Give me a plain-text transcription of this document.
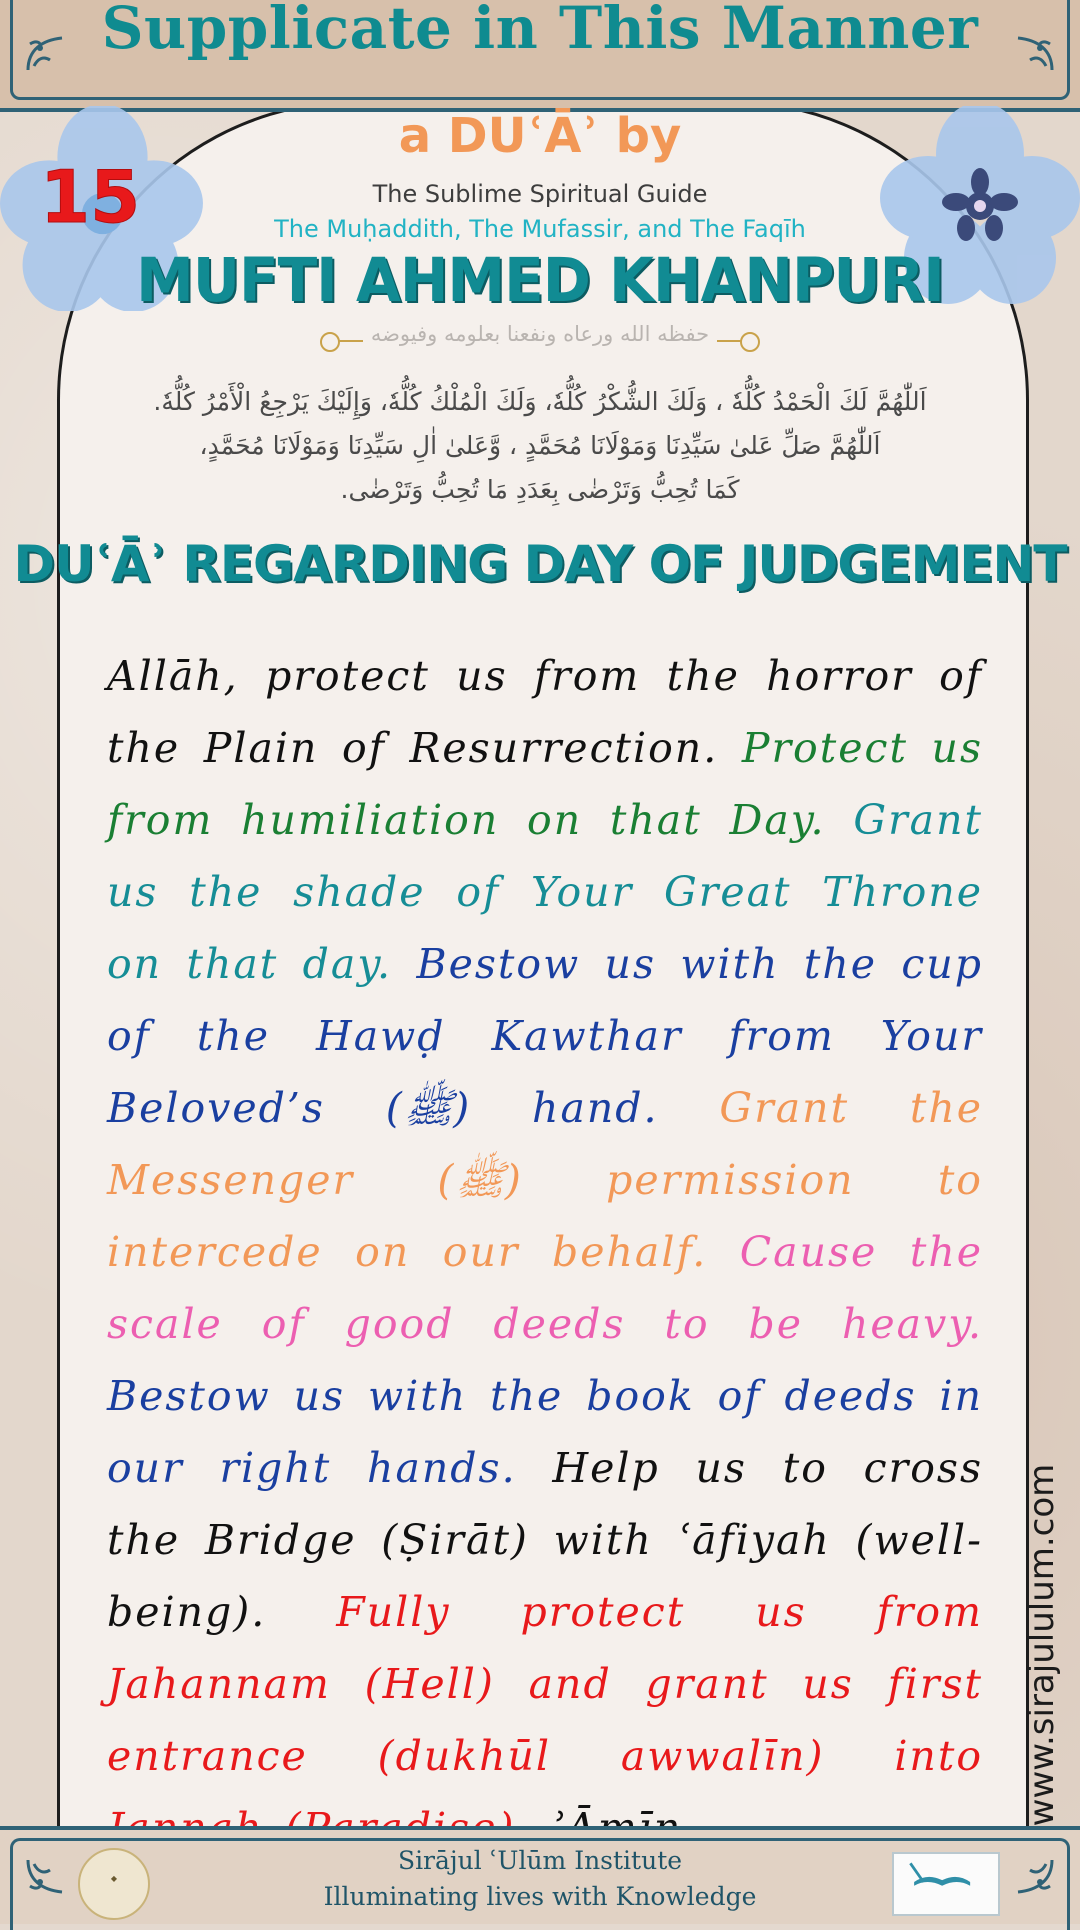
Supplicate in This Manner
15
a DUʿĀʾ by
The Sublime Spiritual Guide
The Muḥaddith, The Mufassir, and The Faqīh
MUFTI AHMED KHANPURI
حفظه الله ورعاه ونفعنا بعلومه وفيوضه
اَللّٰهُمَّ لَكَ الْحَمْدُ كُلُّهٗ ، وَلَكَ الشُّكْرُ كُلُّهٗ، وَلَكَ الْمُلْكُ كُلُّهٗ، وَإِلَيْكَ يَرْجِعُ الْأَمْرُ كُلُّهٗ.
اَللّٰهُمَّ صَلِّ عَلىٰ سَيِّدِنَا وَمَوْلَانَا مُحَمَّدٍ ، وَّعَلىٰ اٰلِ سَيِّدِنَا وَمَوْلَانَا مُحَمَّدٍ،
كَمَا تُحِبُّ وَتَرْضٰى بِعَدَدِ مَا تُحِبُّ وَتَرْضٰى.
DUʿĀʾ REGARDING DAY OF JUDGEMENT
Allāh, protect us from the horror of the Plain of Resurrection. Protect us from humiliation on that Day. Grant us the shade of Your Great Throne on that day. Bestow us with the cup of the Hawḍ Kawthar from Your Beloved’s (ﷺ) hand. Grant the Messenger (ﷺ) permission to intercede on our behalf. Cause the scale of good deeds to be heavy. Bestow us with the book of deeds in our right hands. Help us to cross the Bridge (Ṣirāt) with ʿāfiyah (well-being). Fully protect us from Jahannam (Hell) and grant us first entrance (dukhūl awwalīn) into www.sirajululum.com
Sirājul ʿUlūm Institute
Illuminating lives with Knowledge
◆
